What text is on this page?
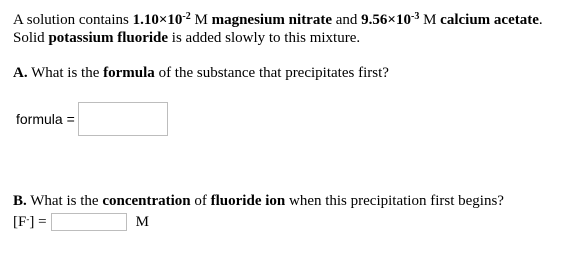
A solution contains $1.10\times 10^{-2}$ M magnesium nitrate and $9.56\times 10^{-3}$ M calcium acetate.
Solid potassium fluoride is added slowly to this mixture.
A. What is the formula of the substance that precipitates first?
formula =
B. What is the concentration of fluoride ion when this precipitation first begins?
[F-] =	M
